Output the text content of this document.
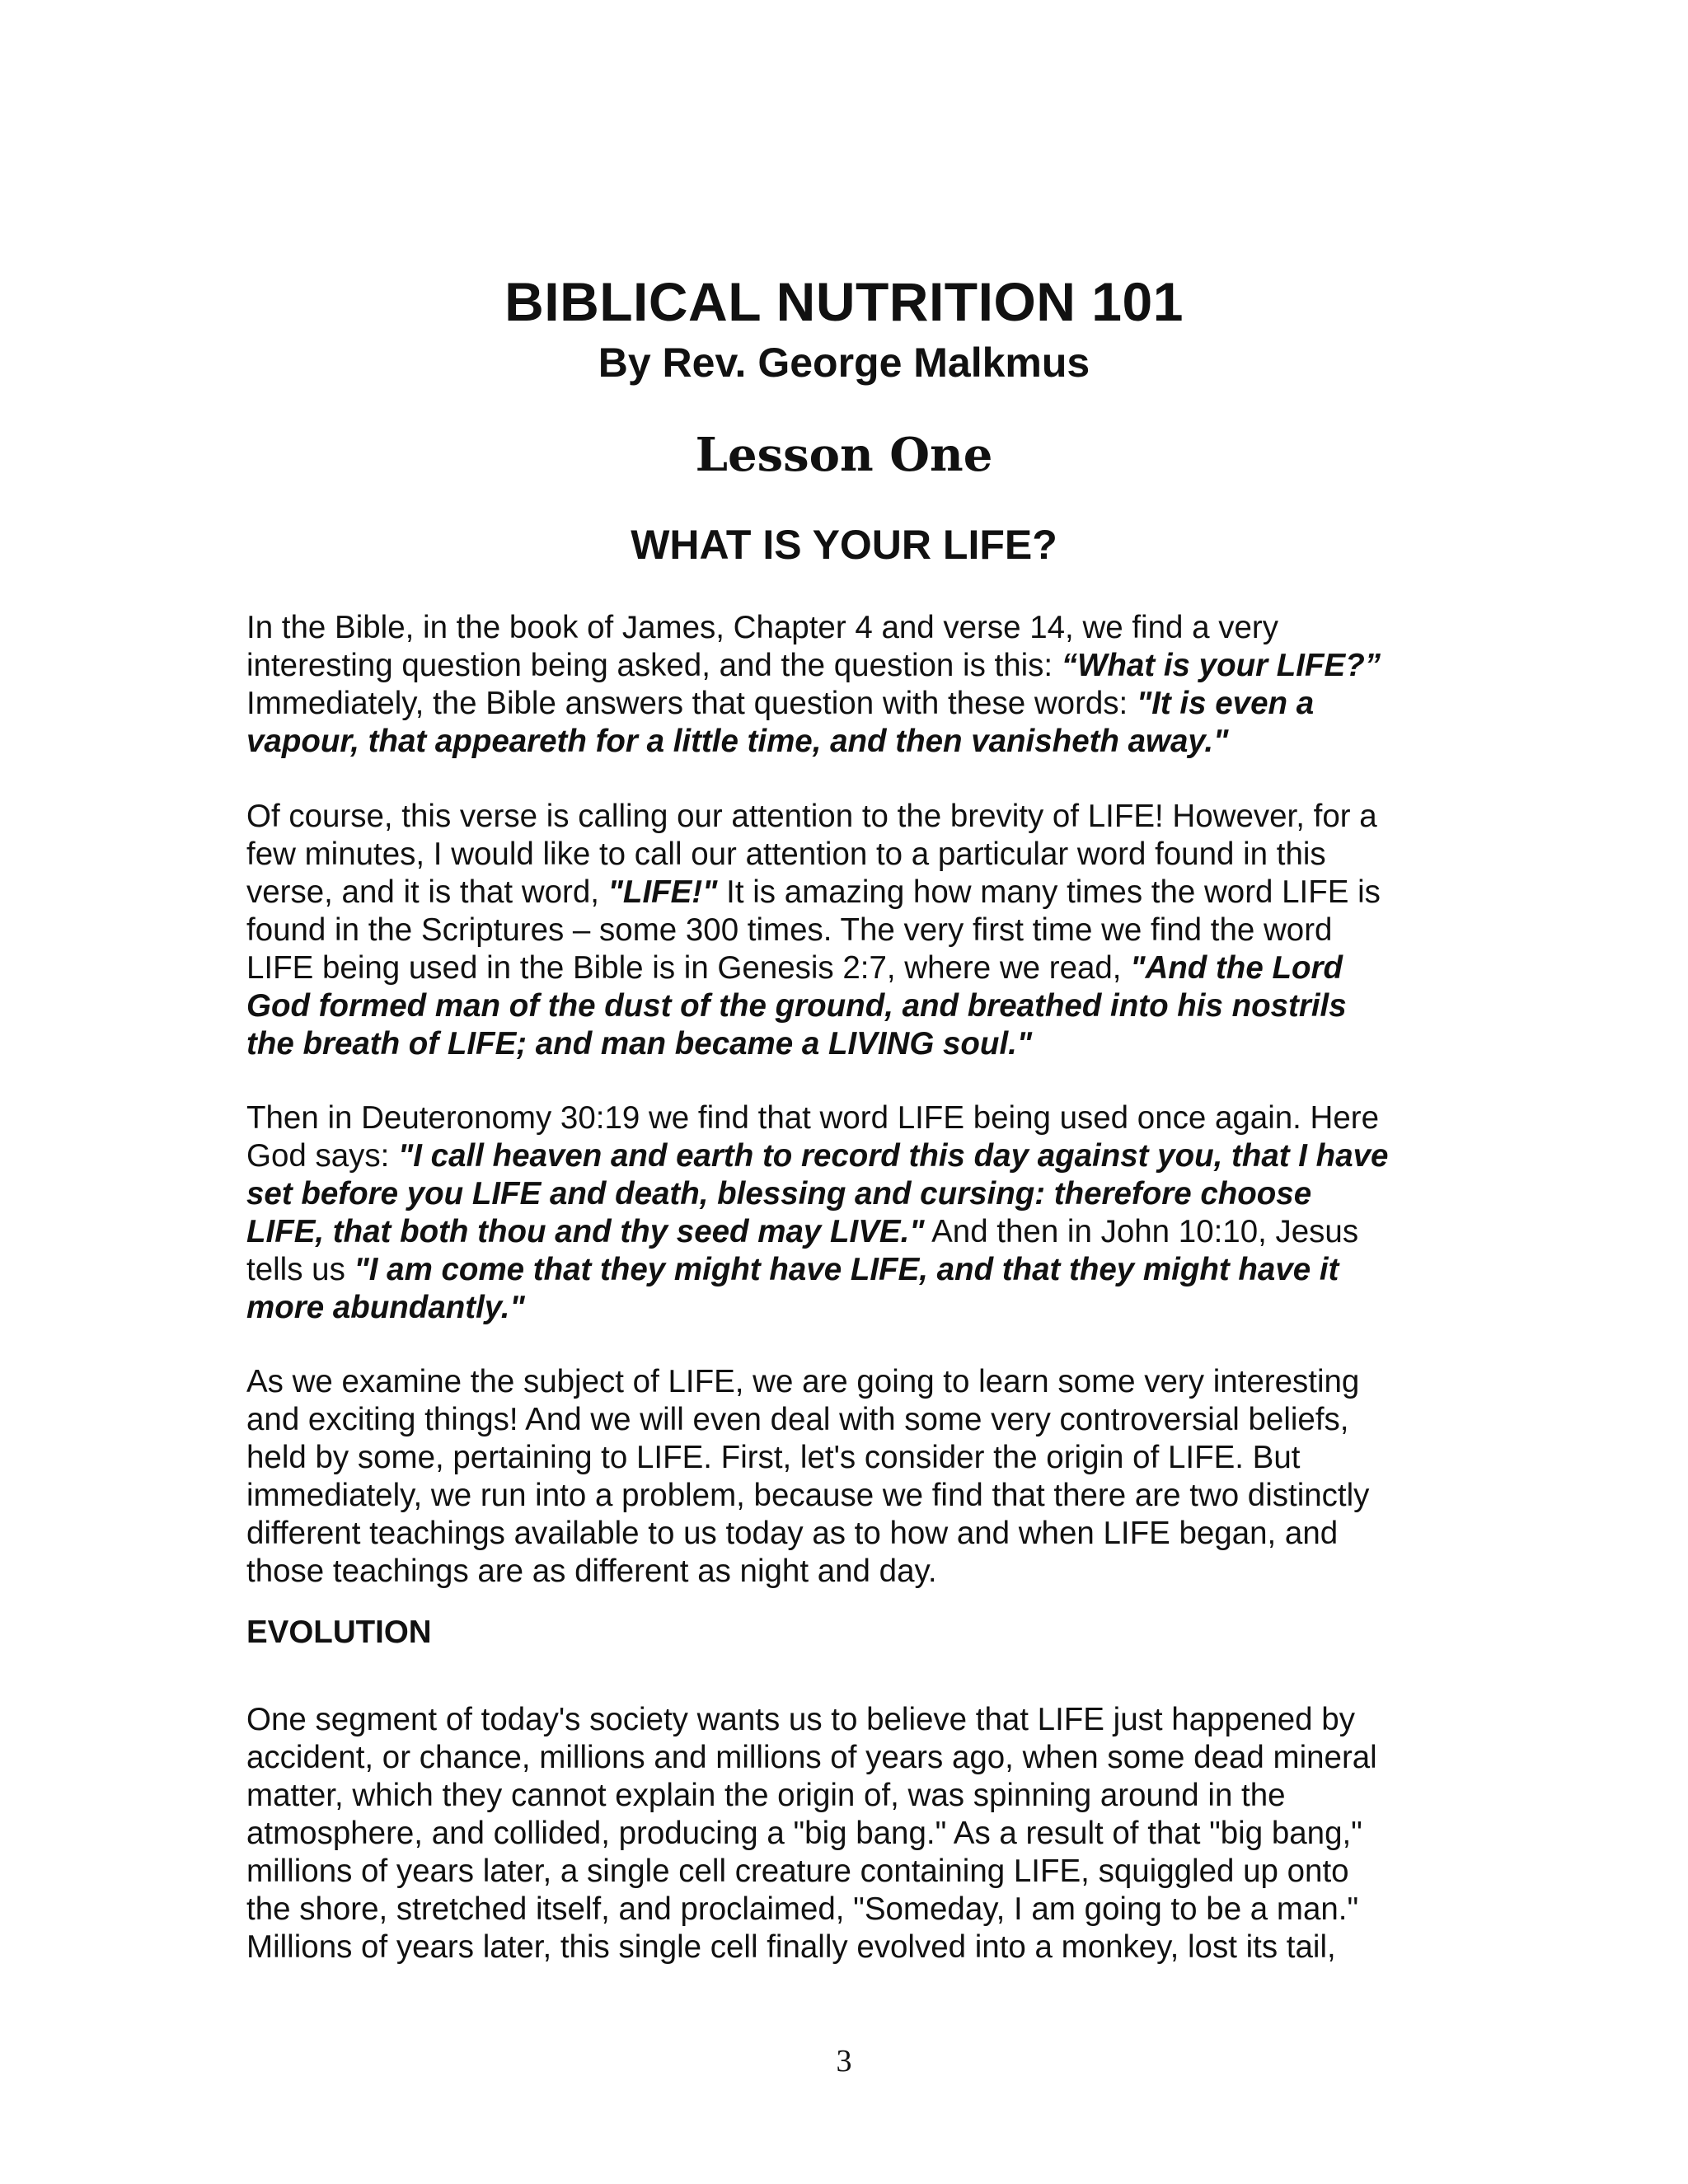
BIBLICAL NUTRITION 101
By Rev. George Malkmus
Lesson One
WHAT IS YOUR LIFE?
In the Bible, in the book of James, Chapter 4 and verse 14, we find a very
interesting question being asked, and the question is this: “What is your LIFE?”
Immediately, the Bible answers that question with these words: "It is even a
vapour, that appeareth for a little time, and then vanisheth away."
Of course, this verse is calling our attention to the brevity of LIFE! However, for a
few minutes, I would like to call our attention to a particular word found in this
verse, and it is that word, "LIFE!" It is amazing how many times the word LIFE is
found in the Scriptures – some 300 times. The very first time we find the word
LIFE being used in the Bible is in Genesis 2:7, where we read, "And the Lord
God formed man of the dust of the ground, and breathed into his nostrils
the breath of LIFE; and man became a LIVING soul."
Then in Deuteronomy 30:19 we find that word LIFE being used once again. Here
God says: "I call heaven and earth to record this day against you, that I have
set before you LIFE and death, blessing and cursing: therefore choose
LIFE, that both thou and thy seed may LIVE." And then in John 10:10, Jesus
tells us "I am come that they might have LIFE, and that they might have it
more abundantly."
As we examine the subject of LIFE, we are going to learn some very interesting
and exciting things! And we will even deal with some very controversial beliefs,
held by some, pertaining to LIFE. First, let's consider the origin of LIFE. But
immediately, we run into a problem, because we find that there are two distinctly
different teachings available to us today as to how and when LIFE began, and
those teachings are as different as night and day.
EVOLUTION
One segment of today's society wants us to believe that LIFE just happened by
accident, or chance, millions and millions of years ago, when some dead mineral
matter, which they cannot explain the origin of, was spinning around in the
atmosphere, and collided, producing a "big bang." As a result of that "big bang,"
millions of years later, a single cell creature containing LIFE, squiggled up onto
the shore, stretched itself, and proclaimed, "Someday, I am going to be a man."
Millions of years later, this single cell finally evolved into a monkey, lost its tail,
3
